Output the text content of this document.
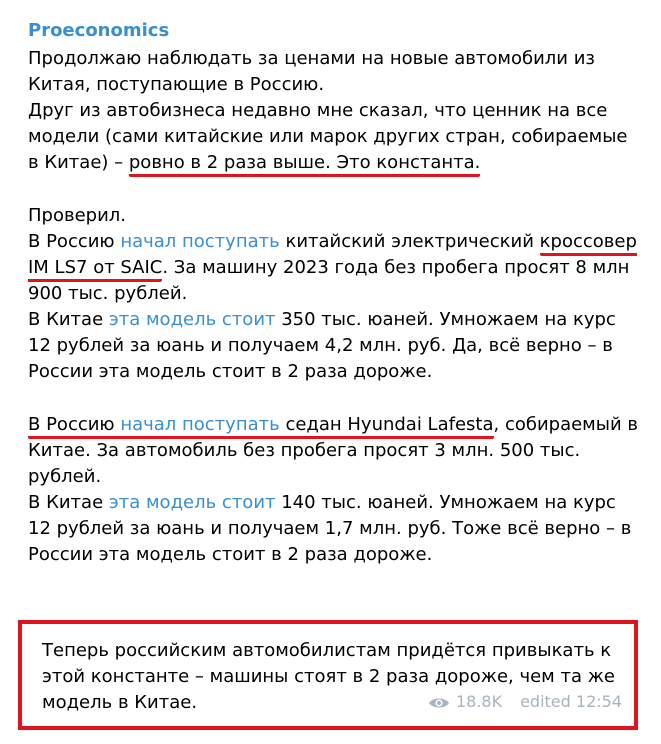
Proeconomics

Продолжаю наблюдать за ценами на новые автомобили из Китая, поступающие в Россию.

Друг из автобизнеса недавно мне сказал, что ценник на все модели (сами китайские или марок других стран, собираемые в Китае) – ровно в 2 раза выше. Это константа.

Проверил.

В Россию начал поступать китайский электрический кроссовер IM LS7 от SAIC. За машину 2023 года без пробега просят 8 млн 900 тыс. рублей.

В Китае эта модель стоит 350 тыс. юаней. Умножаем на курс 12 рублей за юань и получаем 4,2 млн. руб. Да, всё верно – в России эта модель стоит в 2 раза дороже.

В Россию начал поступать седан Hyundai Lafesta, собираемый в Китае. За автомобиль без пробега просят 3 млн. 500 тыс. рублей.

В Китае эта модель стоит 140 тыс. юаней. Умножаем на курс 12 рублей за юань и получаем 1,7 млн. руб. Тоже всё верно – в России эта модель стоит в 2 раза дороже.

Теперь российским автомобилистам придётся привыкать к этой константе – машины стоят в 2 раза дороже, чем та же модель в Китае.	18.8K edited 12:54
